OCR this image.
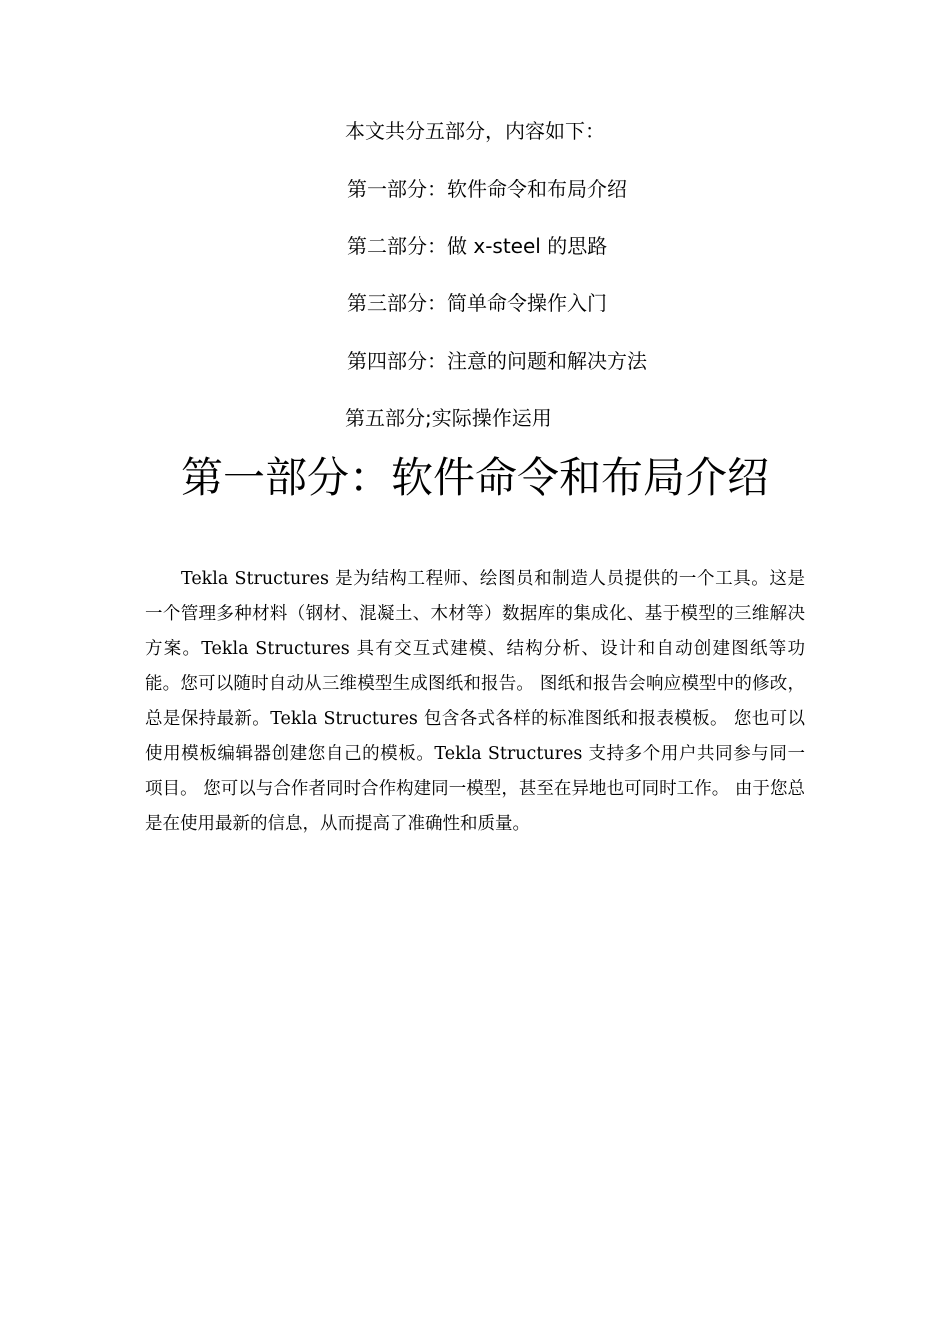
本文共分五部分，内容如下：
第一部分：软件命令和布局介绍
第二部分：做 x-steel 的思路
第三部分：简单命令操作入门
第四部分：注意的问题和解决方法
第五部分;实际操作运用
第一部分：软件命令和布局介绍

Tekla Structures 是为结构工程师、绘图员和制造人员提供的一个工具。这是一个管理多种材料（钢材、混凝土、木材等）数据库的集成化、基于模型的三维解决方案。Tekla Structures 具有交互式建模、结构分析、设计和自动创建图纸等功能。您可以随时自动从三维模型生成图纸和报告。 图纸和报告会响应模型中的修改，总是保持最新。Tekla Structures 包含各式各样的标准图纸和报表模板。 您也可以使用模板编辑器创建您自己的模板。Tekla Structures 支持多个用户共同参与同一项目。 您可以与合作者同时合作构建同一模型，甚至在异地也可同时工作。 由于您总是在使用最新的信息，从而提高了准确性和质量。
